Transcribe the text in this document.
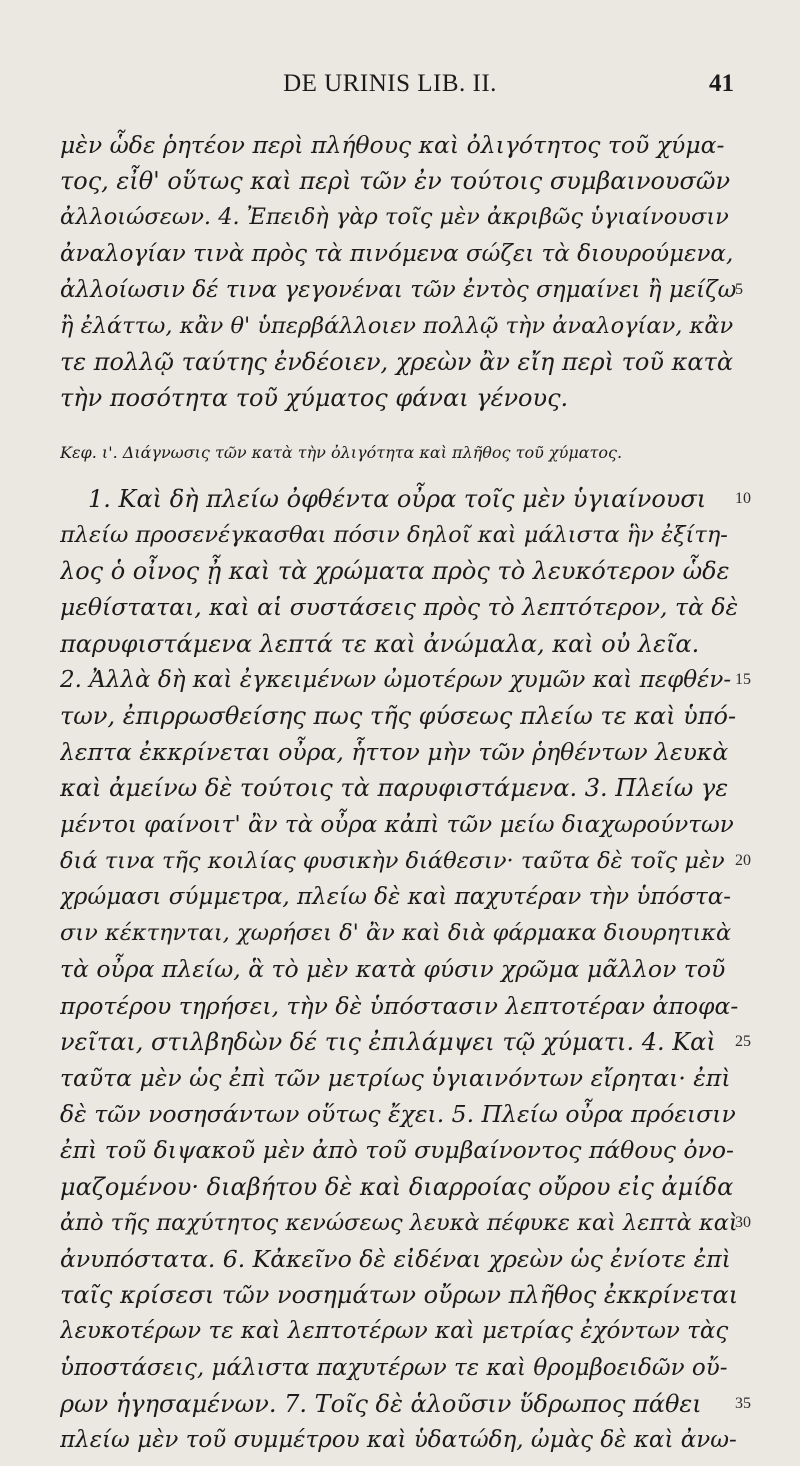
DE URINIS LIB. II.	41
μὲν ὧδε ῥητέον περὶ πλήθους καὶ ὀλιγότητος τοῦ χύμα-
τος, εἶθ' οὕτως καὶ περὶ τῶν ἐν τούτοις συμβαινουσῶν
ἀλλοιώσεων. 4. Ἐπειδὴ γὰρ τοῖς μὲν ἀκριβῶς ὑγιαίνουσιν
ἀναλογίαν τινὰ πρὸς τὰ πινόμενα σώζει τὰ διουρούμενα,
ἀλλοίωσιν δέ τινα γεγονέναι τῶν ἐντὸς σημαίνει ἢ μείζω
ἢ ἐλάττω, κἂν θ' ὑπερβάλλοιεν πολλῷ τὴν ἀναλογίαν, κἂν
τε πολλῷ ταύτης ἐνδέοιεν, χρεὼν ἂν εἴη περὶ τοῦ κατὰ
τὴν ποσότητα τοῦ χύματος φάναι γένους.
Κεφ. ι'. Διάγνωσις τῶν κατὰ τὴν ὀλιγότητα καὶ πλῆθος τοῦ χύματος.
1. Καὶ δὴ πλείω ὀφθέντα οὖρα τοῖς μὲν ὑγιαίνουσι
πλείω προσενέγκασθαι πόσιν δηλοῖ καὶ μάλιστα ἣν ἐξίτη-
λος ὁ οἶνος ᾖ καὶ τὰ χρώματα πρὸς τὸ λευκότερον ὧδε
μεθίσταται, καὶ αἱ συστάσεις πρὸς τὸ λεπτότερον, τὰ δὲ
παρυφιστάμενα λεπτά τε καὶ ἀνώμαλα, καὶ οὐ λεῖα.
2. Ἀλλὰ δὴ καὶ ἐγκειμένων ὠμοτέρων χυμῶν καὶ πεφθέν-
των, ἐπιρρωσθείσης πως τῆς φύσεως πλείω τε καὶ ὑπό-
λεπτα ἐκκρίνεται οὖρα, ἧττον μὴν τῶν ῥηθέντων λευκὰ
καὶ ἀμείνω δὲ τούτοις τὰ παρυφιστάμενα. 3. Πλείω γε
μέντοι φαίνοιτ' ἂν τὰ οὖρα κἀπὶ τῶν μείω διαχωρούντων
διά τινα τῆς κοιλίας φυσικὴν διάθεσιν· ταῦτα δὲ τοῖς μὲν
χρώμασι σύμμετρα, πλείω δὲ καὶ παχυτέραν τὴν ὑπόστα-
σιν κέκτηνται, χωρήσει δ' ἂν καὶ διὰ φάρμακα διουρητικὰ
τὰ οὖρα πλείω, ἃ τὸ μὲν κατὰ φύσιν χρῶμα μᾶλλον τοῦ
προτέρου τηρήσει, τὴν δὲ ὑπόστασιν λεπτοτέραν ἀποφα-
νεῖται, στιλβηδὼν δέ τις ἐπιλάμψει τῷ χύματι. 4. Καὶ
ταῦτα μὲν ὡς ἐπὶ τῶν μετρίως ὑγιαινόντων εἴρηται· ἐπὶ
δὲ τῶν νοσησάντων οὕτως ἔχει. 5. Πλείω οὖρα πρόεισιν
ἐπὶ τοῦ διψακοῦ μὲν ἀπὸ τοῦ συμβαίνοντος πάθους ὀνο-
μαζομένου· διαβήτου δὲ καὶ διαρροίας οὔρου εἰς ἀμίδα
ἀπὸ τῆς παχύτητος κενώσεως λευκὰ πέφυκε καὶ λεπτὰ καὶ
ἀνυπόστατα. 6. Κἀκεῖνο δὲ εἰδέναι χρεὼν ὡς ἐνίοτε ἐπὶ
ταῖς κρίσεσι τῶν νοσημάτων οὔρων πλῆθος ἐκκρίνεται
λευκοτέρων τε καὶ λεπτοτέρων καὶ μετρίας ἐχόντων τὰς
ὑποστάσεις, μάλιστα παχυτέρων τε καὶ θρομβοειδῶν οὔ-
ρων ἡγησαμένων. 7. Τοῖς δὲ ἁλοῦσιν ὕδρωπος πάθει
πλείω μὲν τοῦ συμμέτρου καὶ ὑδατώδη, ὠμὰς δὲ καὶ ἀνω-
5
10
15
20
25
30
35
